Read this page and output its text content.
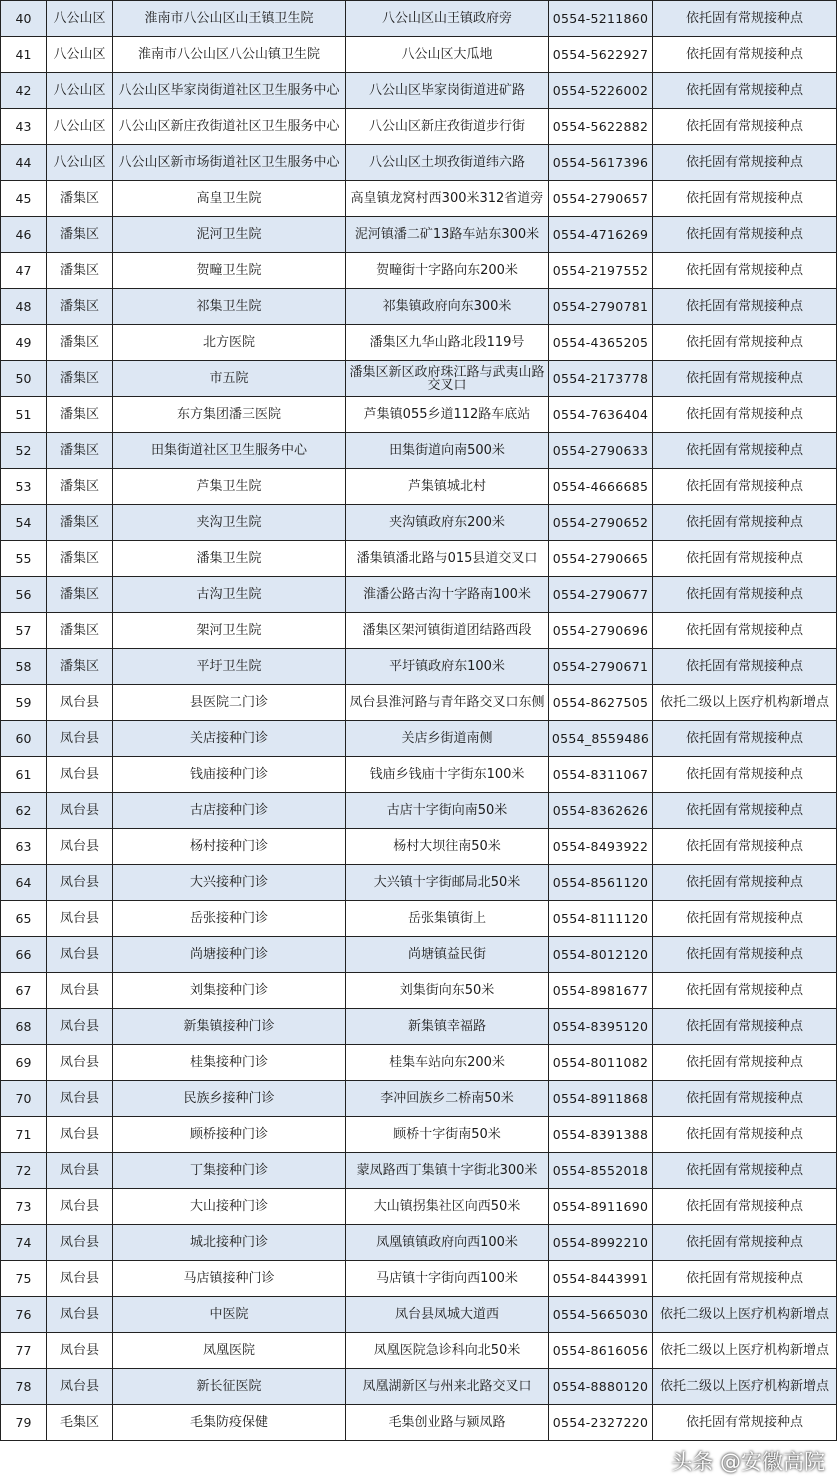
40	八公山区	淮南市八公山区山王镇卫生院	八公山区山王镇政府旁	0554-5211860	依托固有常规接种点
41	八公山区	淮南市八公山区八公山镇卫生院	八公山区大瓜地	0554-5622927	依托固有常规接种点
42	八公山区	八公山区毕家岗街道社区卫生服务中心	八公山区毕家岗街道进矿路	0554-5226002	依托固有常规接种点
43	八公山区	八公山区新庄孜街道社区卫生服务中心	八公山区新庄孜街道步行街	0554-5622882	依托固有常规接种点
44	八公山区	八公山区新市场街道社区卫生服务中心	八公山区土坝孜街道纬六路	0554-5617396	依托固有常规接种点
45	潘集区	高皇卫生院	高皇镇龙窝村西300米312省道旁	0554-2790657	依托固有常规接种点
46	潘集区	泥河卫生院	泥河镇潘二矿13路车站东300米	0554-4716269	依托固有常规接种点
47	潘集区	贺疃卫生院	贺疃街十字路向东200米	0554-2197552	依托固有常规接种点
48	潘集区	祁集卫生院	祁集镇政府向东300米	0554-2790781	依托固有常规接种点
49	潘集区	北方医院	潘集区九华山路北段119号	0554-4365205	依托固有常规接种点
50	潘集区	市五院	潘集区新区政府珠江路与武夷山路交叉口	0554-2173778	依托固有常规接种点
51	潘集区	东方集团潘三医院	芦集镇055乡道112路车底站	0554-7636404	依托固有常规接种点
52	潘集区	田集街道社区卫生服务中心	田集街道向南500米	0554-2790633	依托固有常规接种点
53	潘集区	芦集卫生院	芦集镇城北村	0554-4666685	依托固有常规接种点
54	潘集区	夹沟卫生院	夹沟镇政府东200米	0554-2790652	依托固有常规接种点
55	潘集区	潘集卫生院	潘集镇潘北路与015县道交叉口	0554-2790665	依托固有常规接种点
56	潘集区	古沟卫生院	淮潘公路古沟十字路南100米	0554-2790677	依托固有常规接种点
57	潘集区	架河卫生院	潘集区架河镇街道团结路西段	0554-2790696	依托固有常规接种点
58	潘集区	平圩卫生院	平圩镇政府东100米	0554-2790671	依托固有常规接种点
59	凤台县	县医院二门诊	凤台县淮河路与青年路交叉口东侧	0554-8627505	依托二级以上医疗机构新增点
60	凤台县	关店接种门诊	关店乡街道南侧	0554_8559486	依托固有常规接种点
61	凤台县	钱庙接种门诊	钱庙乡钱庙十字街东100米	0554-8311067	依托固有常规接种点
62	凤台县	古店接种门诊	古店十字街向南50米	0554-8362626	依托固有常规接种点
63	凤台县	杨村接种门诊	杨村大坝往南50米	0554-8493922	依托固有常规接种点
64	凤台县	大兴接种门诊	大兴镇十字街邮局北50米	0554-8561120	依托固有常规接种点
65	凤台县	岳张接种门诊	岳张集镇街上	0554-8111120	依托固有常规接种点
66	凤台县	尚塘接种门诊	尚塘镇益民街	0554-8012120	依托固有常规接种点
67	凤台县	刘集接种门诊	刘集街向东50米	0554-8981677	依托固有常规接种点
68	凤台县	新集镇接种门诊	新集镇幸福路	0554-8395120	依托固有常规接种点
69	凤台县	桂集接种门诊	桂集车站向东200米	0554-8011082	依托固有常规接种点
70	凤台县	民族乡接种门诊	李冲回族乡二桥南50米	0554-8911868	依托固有常规接种点
71	凤台县	顾桥接种门诊	顾桥十字街南50米	0554-8391388	依托固有常规接种点
72	凤台县	丁集接种门诊	蒙凤路西丁集镇十字街北300米	0554-8552018	依托固有常规接种点
73	凤台县	大山接种门诊	大山镇拐集社区向西50米	0554-8911690	依托固有常规接种点
74	凤台县	城北接种门诊	凤凰镇镇政府向西100米	0554-8992210	依托固有常规接种点
75	凤台县	马店镇接种门诊	马店镇十字街向西100米	0554-8443991	依托固有常规接种点
76	凤台县	中医院	凤台县凤城大道西	0554-5665030	依托二级以上医疗机构新增点
77	凤台县	凤凰医院	凤凰医院急诊科向北50米	0554-8616056	依托二级以上医疗机构新增点
78	凤台县	新长征医院	凤凰湖新区与州来北路交叉口	0554-8880120	依托二级以上医疗机构新增点
79	毛集区	毛集防疫保健	毛集创业路与颍凤路	0554-2327220	依托固有常规接种点
头条 @安徽高院
